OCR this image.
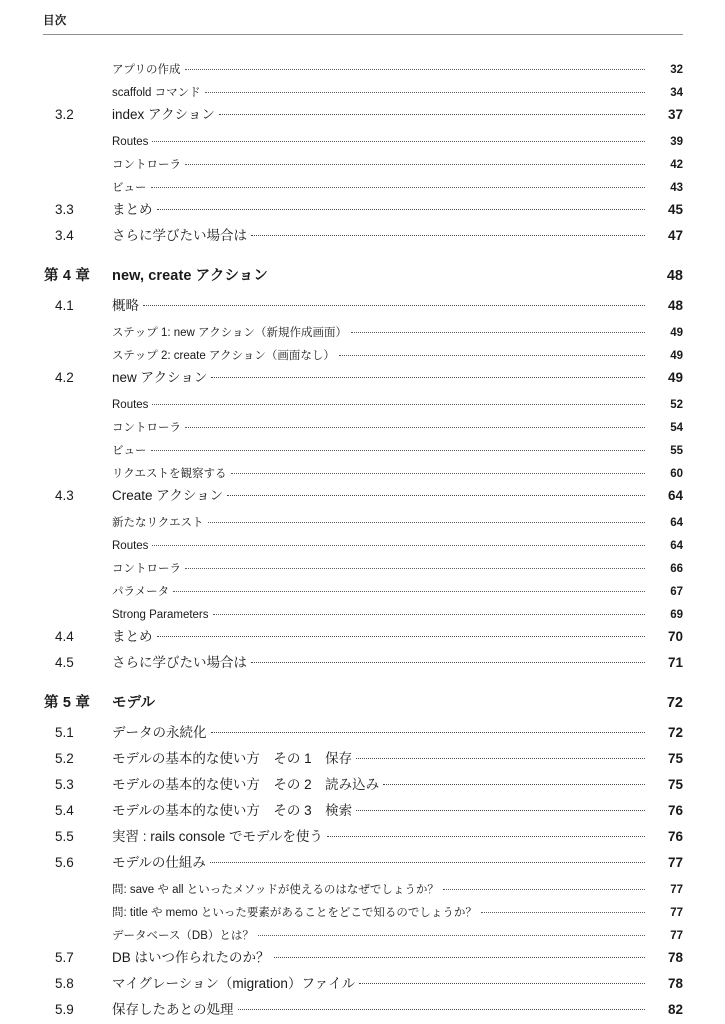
目次
アプリの作成	32
scaffold コマンド	34
3.2	index アクション	37
Routes	39
コントローラ	42
ビュー	43
3.3	まとめ	45
3.4	さらに学びたい場合は	47
第 4 章	new, create アクション	48
4.1	概略	48
ステップ 1: new アクション（新規作成画面）	49
ステップ 2: create アクション（画面なし）	49
4.2	new アクション	49
Routes	52
コントローラ	54
ビュー	55
リクエストを観察する	60
4.3	Create アクション	64
新たなリクエスト	64
Routes	64
コントローラ	66
パラメータ	67
Strong Parameters	69
4.4	まとめ	70
4.5	さらに学びたい場合は	71
第 5 章	モデル	72
5.1	データの永続化	72
5.2	モデルの基本的な使い方　その 1　保存	75
5.3	モデルの基本的な使い方　その 2　読み込み	75
5.4	モデルの基本的な使い方　その 3　検索	76
5.5	実習 : rails console でモデルを使う	76
5.6	モデルの仕組み	77
問: save や all といったメソッドが使えるのはなぜでしょうか？	77
問: title や memo といった要素があることをどこで知るのでしょうか？	77
データベース（DB）とは？	77
5.7	DB はいつ作られたのか？	78
5.8	マイグレーション（migration）ファイル	78
5.9	保存したあとの処理	82
